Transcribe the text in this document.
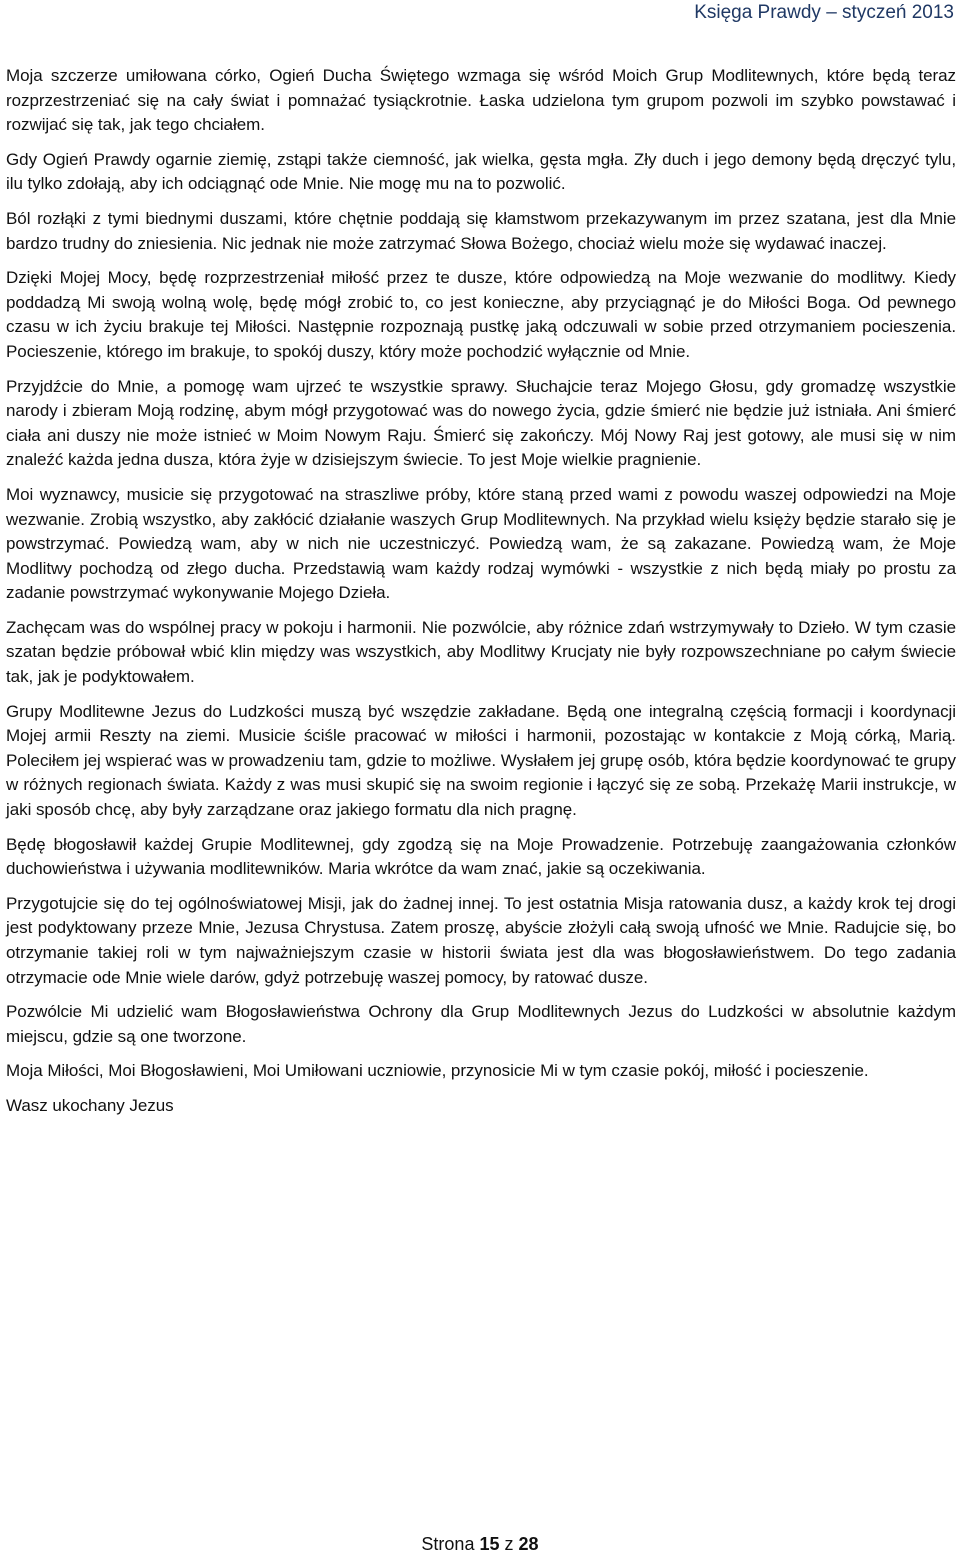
Księga Prawdy – styczeń 2013

Moja szczerze umiłowana córko, Ogień Ducha Świętego wzmaga się wśród Moich Grup Modlitewnych, które będą teraz rozprzestrzeniać się na cały świat i pomnażać tysiąckrotnie. Łaska udzielona tym grupom pozwoli im szybko powstawać i rozwijać się tak, jak tego chciałem.

Gdy Ogień Prawdy ogarnie ziemię, zstąpi także ciemność, jak wielka, gęsta mgła. Zły duch i jego demony będą dręczyć tylu, ilu tylko zdołają, aby ich odciągnąć ode Mnie. Nie mogę mu na to pozwolić.

Ból rozłąki z tymi biednymi duszami, które chętnie poddają się kłamstwom przekazywanym im przez szatana, jest dla Mnie bardzo trudny do zniesienia. Nic jednak nie może zatrzymać Słowa Bożego, chociaż wielu może się wydawać inaczej.

Dzięki Mojej Mocy, będę rozprzestrzeniał miłość przez te dusze, które odpowiedzą na Moje wezwanie do modlitwy. Kiedy poddadzą Mi swoją wolną wolę, będę mógł zrobić to, co jest konieczne, aby przyciągnąć je do Miłości Boga. Od pewnego czasu w ich życiu brakuje tej Miłości. Następnie rozpoznają pustkę jaką odczuwali w sobie przed otrzymaniem pocieszenia. Pocieszenie, którego im brakuje, to spokój duszy, który może pochodzić wyłącznie od Mnie.

Przyjdźcie do Mnie, a pomogę wam ujrzeć te wszystkie sprawy. Słuchajcie teraz Mojego Głosu, gdy gromadzę wszystkie narody i zbieram Moją rodzinę, abym mógł przygotować was do nowego życia, gdzie śmierć nie będzie już istniała. Ani śmierć ciała ani duszy nie może istnieć w Moim Nowym Raju. Śmierć się zakończy. Mój Nowy Raj jest gotowy, ale musi się w nim znaleźć każda jedna dusza, która żyje w dzisiejszym świecie. To jest Moje wielkie pragnienie.

Moi wyznawcy, musicie się przygotować na straszliwe próby, które staną przed wami z powodu waszej odpowiedzi na Moje wezwanie. Zrobią wszystko, aby zakłócić działanie waszych Grup Modlitewnych. Na przykład wielu księży będzie starało się je powstrzymać. Powiedzą wam, aby w nich nie uczestniczyć. Powiedzą wam, że są zakazane. Powiedzą wam, że Moje Modlitwy pochodzą od złego ducha. Przedstawią wam każdy rodzaj wymówki - wszystkie z nich będą miały po prostu za zadanie powstrzymać wykonywanie Mojego Dzieła.

Zachęcam was do wspólnej pracy w pokoju i harmonii. Nie pozwólcie, aby różnice zdań wstrzymywały to Dzieło. W tym czasie szatan będzie próbował wbić klin między was wszystkich, aby Modlitwy Krucjaty nie były rozpowszechniane po całym świecie tak, jak je podyktowałem.

Grupy Modlitewne Jezus do Ludzkości muszą być wszędzie zakładane. Będą one integralną częścią formacji i koordynacji Mojej armii Reszty na ziemi. Musicie ściśle pracować w miłości i harmonii, pozostając w kontakcie z Moją córką, Marią. Poleciłem jej wspierać was w prowadzeniu tam, gdzie to możliwe. Wysłałem jej grupę osób, która będzie koordynować te grupy w różnych regionach świata. Każdy z was musi skupić się na swoim regionie i łączyć się ze sobą. Przekażę Marii instrukcje, w jaki sposób chcę, aby były zarządzane oraz jakiego formatu dla nich pragnę.

Będę błogosławił każdej Grupie Modlitewnej, gdy zgodzą się na Moje Prowadzenie. Potrzebuję zaangażowania członków duchowieństwa i używania modlitewników. Maria wkrótce da wam znać, jakie są oczekiwania.

Przygotujcie się do tej ogólnoświatowej Misji, jak do żadnej innej. To jest ostatnia Misja ratowania dusz, a każdy krok tej drogi jest podyktowany przeze Mnie, Jezusa Chrystusa. Zatem proszę, abyście złożyli całą swoją ufność we Mnie. Radujcie się, bo otrzymanie takiej roli w tym najważniejszym czasie w historii świata jest dla was błogosławieństwem. Do tego zadania otrzymacie ode Mnie wiele darów, gdyż potrzebuję waszej pomocy, by ratować dusze.

Pozwólcie Mi udzielić wam Błogosławieństwa Ochrony dla Grup Modlitewnych Jezus do Ludzkości w absolutnie każdym miejscu, gdzie są one tworzone.

Moja Miłości, Moi Błogosławieni, Moi Umiłowani uczniowie, przynosicie Mi w tym czasie pokój, miłość i pocieszenie.

Wasz ukochany Jezus

Strona 15 z 28
